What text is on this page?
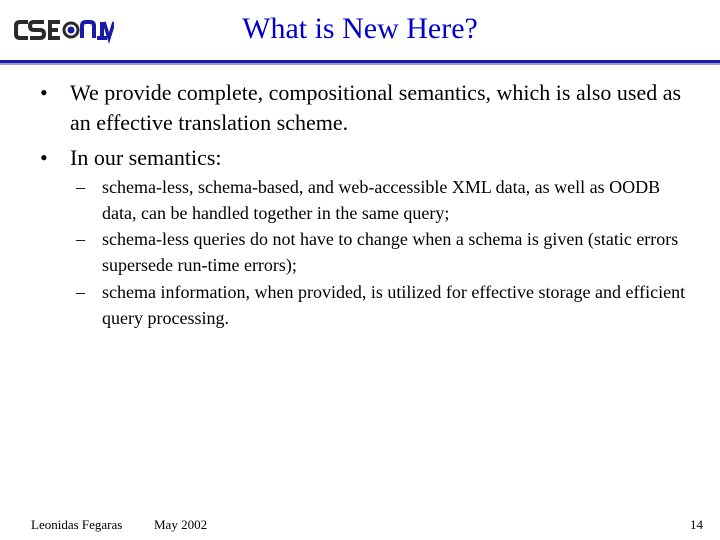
What is New Here?
•	We provide complete, compositional semantics, which is also used as an effective translation scheme.
•	In our semantics:
– schema-less, schema-based, and web-accessible XML data, as well as OODB data, can be handled together in the same query;
– schema-less queries do not have to change when a schema is given (static errors supersede run-time errors);
– schema information, when provided, is utilized for effective storage and efficient query processing.
Leonidas Fegaras May 2002	14
